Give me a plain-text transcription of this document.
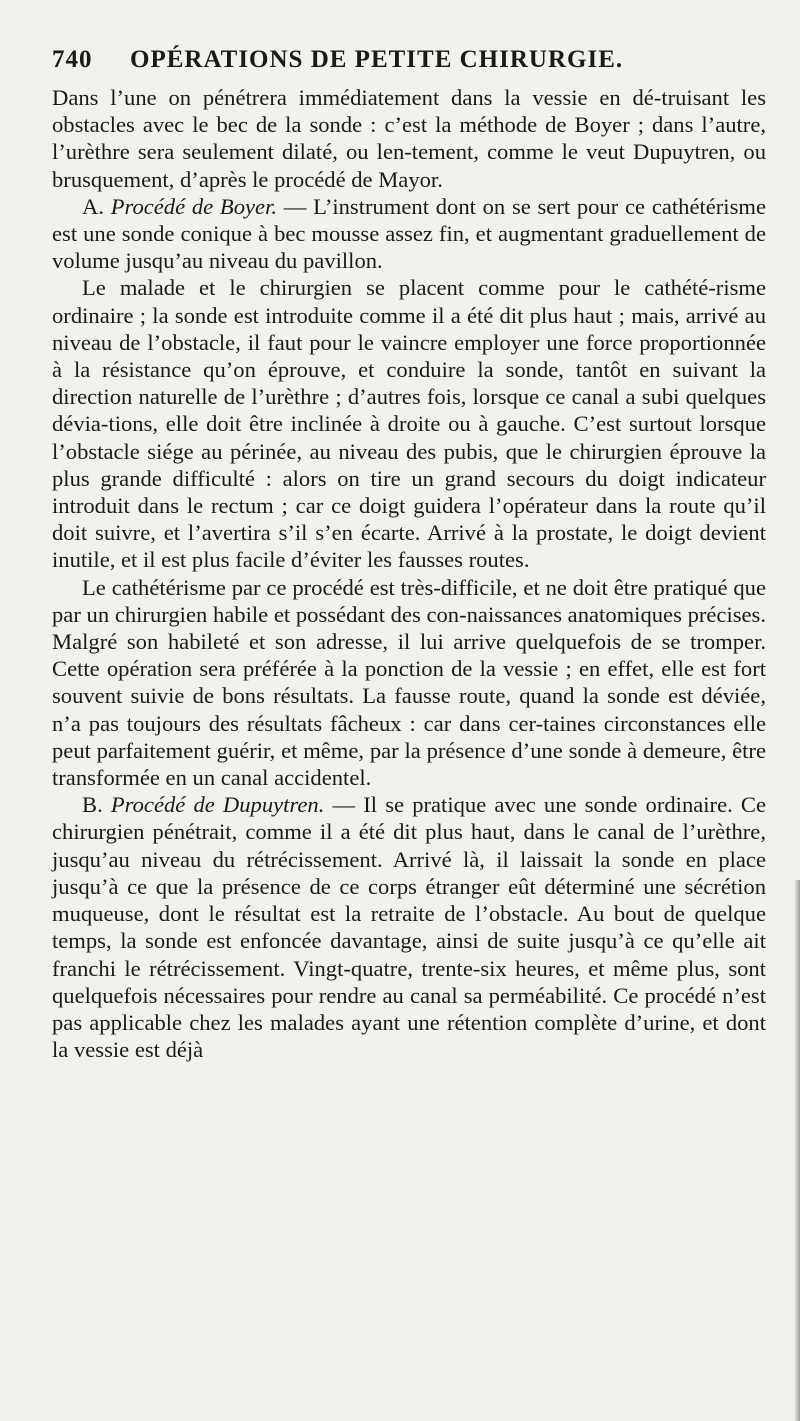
740 OPÉRATIONS DE PETITE CHIRURGIE.

Dans l’une on pénétrera immédiatement dans la vessie en dé-truisant les obstacles avec le bec de la sonde : c’est la méthode de Boyer ; dans l’autre, l’urèthre sera seulement dilaté, ou len-tement, comme le veut Dupuytren, ou brusquement, d’après le procédé de Mayor.

A. Procédé de Boyer. — L’instrument dont on se sert pour ce cathétérisme est une sonde conique à bec mousse assez fin, et augmentant graduellement de volume jusqu’au niveau du pavillon.

Le malade et le chirurgien se placent comme pour le cathété-risme ordinaire ; la sonde est introduite comme il a été dit plus haut ; mais, arrivé au niveau de l’obstacle, il faut pour le vaincre employer une force proportionnée à la résistance qu’on éprouve, et conduire la sonde, tantôt en suivant la direction naturelle de l’urèthre ; d’autres fois, lorsque ce canal a subi quelques dévia-tions, elle doit être inclinée à droite ou à gauche. C’est surtout lorsque l’obstacle siége au périnée, au niveau des pubis, que le chirurgien éprouve la plus grande difficulté : alors on tire un grand secours du doigt indicateur introduit dans le rectum ; car ce doigt guidera l’opérateur dans la route qu’il doit suivre, et l’avertira s’il s’en écarte. Arrivé à la prostate, le doigt devient inutile, et il est plus facile d’éviter les fausses routes.

Le cathétérisme par ce procédé est très-difficile, et ne doit être pratiqué que par un chirurgien habile et possédant des con-naissances anatomiques précises. Malgré son habileté et son adresse, il lui arrive quelquefois de se tromper. Cette opération sera préférée à la ponction de la vessie ; en effet, elle est fort souvent suivie de bons résultats. La fausse route, quand la sonde est déviée, n’a pas toujours des résultats fâcheux : car dans cer-taines circonstances elle peut parfaitement guérir, et même, par la présence d’une sonde à demeure, être transformée en un canal accidentel.

B. Procédé de Dupuytren. — Il se pratique avec une sonde ordinaire. Ce chirurgien pénétrait, comme il a été dit plus haut, dans le canal de l’urèthre, jusqu’au niveau du rétrécissement. Arrivé là, il laissait la sonde en place jusqu’à ce que la présence de ce corps étranger eût déterminé une sécrétion muqueuse, dont le résultat est la retraite de l’obstacle. Au bout de quelque temps, la sonde est enfoncée davantage, ainsi de suite jusqu’à ce qu’elle ait franchi le rétrécissement. Vingt-quatre, trente-six heures, et même plus, sont quelquefois nécessaires pour rendre au canal sa perméabilité. Ce procédé n’est pas applicable chez les malades ayant une rétention complète d’urine, et dont la vessie est déjà
